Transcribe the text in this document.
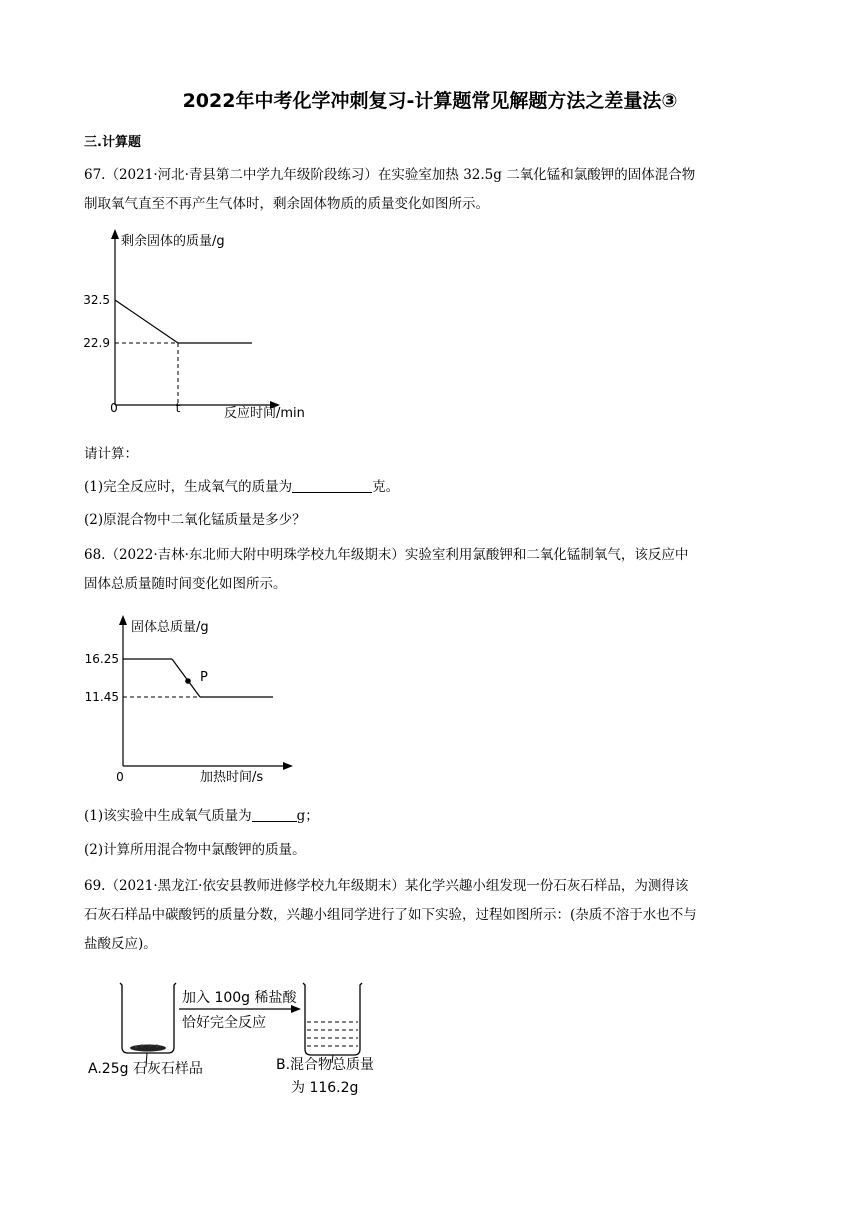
2022年中考化学冲刺复习-计算题常见解题方法之差量法③
三.计算题
67.（2021·河北·青县第二中学九年级阶段练习）在实验室加热 32.5g 二氧化锰和氯酸钾的固体混合物
制取氧气直至不再产生气体时，剩余固体物质的质量变化如图所示。
剩余固体的质量/g
32.5
22.9
0	t	反应时间/min
请计算：
(1)完全反应时，生成氧气的质量为	克。
(2)原混合物中二氧化锰质量是多少？
68.（2022·吉林·东北师大附中明珠学校九年级期末）实验室利用氯酸钾和二氧化锰制氧气，该反应中
固体总质量随时间变化如图所示。
P
固体总质量/g
16.25
11.45
0	加热时间/s
(1)该实验中生成氧气质量为	g；
(2)计算所用混合物中氯酸钾的质量。
69.（2021·黑龙江·依安县教师进修学校九年级期末）某化学兴趣小组发现一份石灰石样品，为测得该
石灰石样品中碳酸钙的质量分数，兴趣小组同学进行了如下实验，过程如图所示：(杂质不溶于水也不与
盐酸反应)。
加入 100g 稀盐酸
恰好完全反应
A.25g 石灰石样品	B.混合物总质量
为 116.2g
